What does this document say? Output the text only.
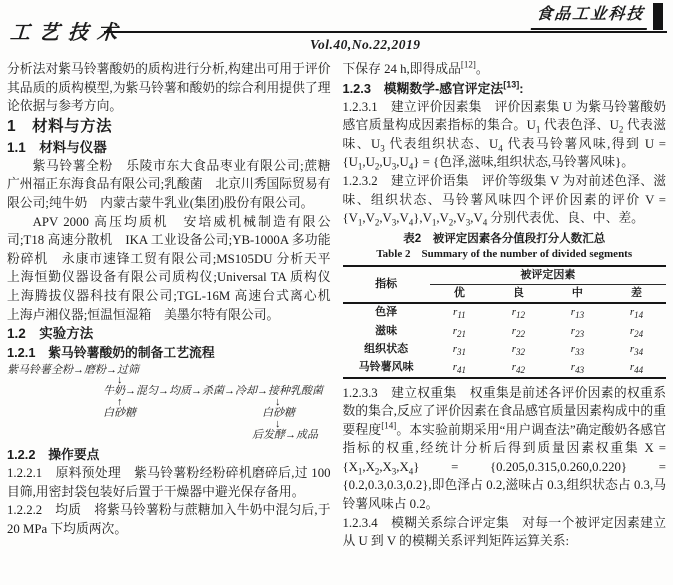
工艺技术
食品工业科技
Vol.40,No.22,2019

分析法对紫马铃薯酸奶的质构进行分析,构建出可用于评价其品质的质构模型,为紫马铃薯和酸奶的综合利用提供了理论依据与参考方向。

1　材料与方法
1.1　材料与仪器

紫马铃薯全粉　乐陵市东大食品枣业有限公司;蔗糖　广州福正东海食品有限公司;乳酸菌　北京川秀国际贸易有限公司;纯牛奶　内蒙古蒙牛乳业(集团)股份有限公司。

APV 2000 高压均质机　安培威机械制造有限公司;T18 高速分散机　IKA 工业设备公司;YB-1000A 多功能粉碎机　永康市速锋工贸有限公司;MS105DU 分析天平　上海恒勤仪器设备有限公司质构仪;Universal TA 质构仪　上海腾拔仪器科技有限公司;TGL-16M 高速台式离心机　上海卢湘仪器;恒温恒湿箱　美墨尔特有限公司。

1.2　实验方法
1.2.1　紫马铃薯酸奶的制备工艺流程
紫马铃薯全粉→磨粉→过筛
↓
牛奶→混匀→均质→杀菌→冷却→接种乳酸菌
↑
白砂糖
↓
白砂糖
↓
后发酵→成品
1.2.2　操作要点

1.2.2.1　原料预处理　紫马铃薯粉经粉碎机磨碎后,过 100 目筛,用密封袋包装好后置于干燥器中避光保存备用。

1.2.2.2　均质　将紫马铃薯粉与蔗糖加入牛奶中混匀后,于 20 MPa 下均质两次。

下保存 24 h,即得成品[12]。

1.2.3　模糊数学-感官评定法[13]:

1.2.3.1　建立评价因素集　评价因素集 U 为紫马铃薯酸奶感官质量构成因素指标的集合。$U_1$ 代表色泽、$U_2$ 代表滋味、$U_3$ 代表组织状态、$U_4$ 代表马铃薯风味,得到 $U = \{U_1,U_2,U_3,U_4\}$ = {色泽,滋味,组织状态,马铃薯风味}。

1.2.3.2　建立评价语集　评价等级集 V 为对前述色泽、滋味、组织状态、马铃薯风味四个评价因素的评价 $V = \{V_1,V_2,V_3,V_4\},V_1,V_2,V_3,V_4$ 分别代表优、良、中、差。

表2　被评定因素各分值段打分人数汇总
Table 2　Summary of the number of divided segments
指标	被评定因素			
	优	良	中	差
色泽	$r_{11}$	$r_{12}$	$r_{13}$	$r_{14}$
滋味	$r_{21}$	$r_{22}$	$r_{23}$	$r_{24}$
组织状态	$r_{31}$	$r_{32}$	$r_{33}$	$r_{34}$
马铃薯风味	$r_{41}$	$r_{42}$	$r_{43}$	$r_{44}$

1.2.3.3　建立权重集　权重集是前述各评价因素的权重系数的集合,反应了评价因素在食品感官质量因素构成中的重要程度[14]。本实验前期采用“用户调查法”确定酸奶各感官指标的权重,经统计分析后得到质量因素权重集 $X = \{X_1,X_2,X_3,X_4\} = \{0.205,0.315,0.260,0.220\} = \{0.2,0.3,0.3,0.2\}$,即色泽占 0.2,滋味占 0.3,组织状态占 0.3,马铃薯风味占 0.2。

1.2.3.4　模糊关系综合评定集　对每一个被评定因素建立从 U 到 V 的模糊关系评判矩阵运算关系:
